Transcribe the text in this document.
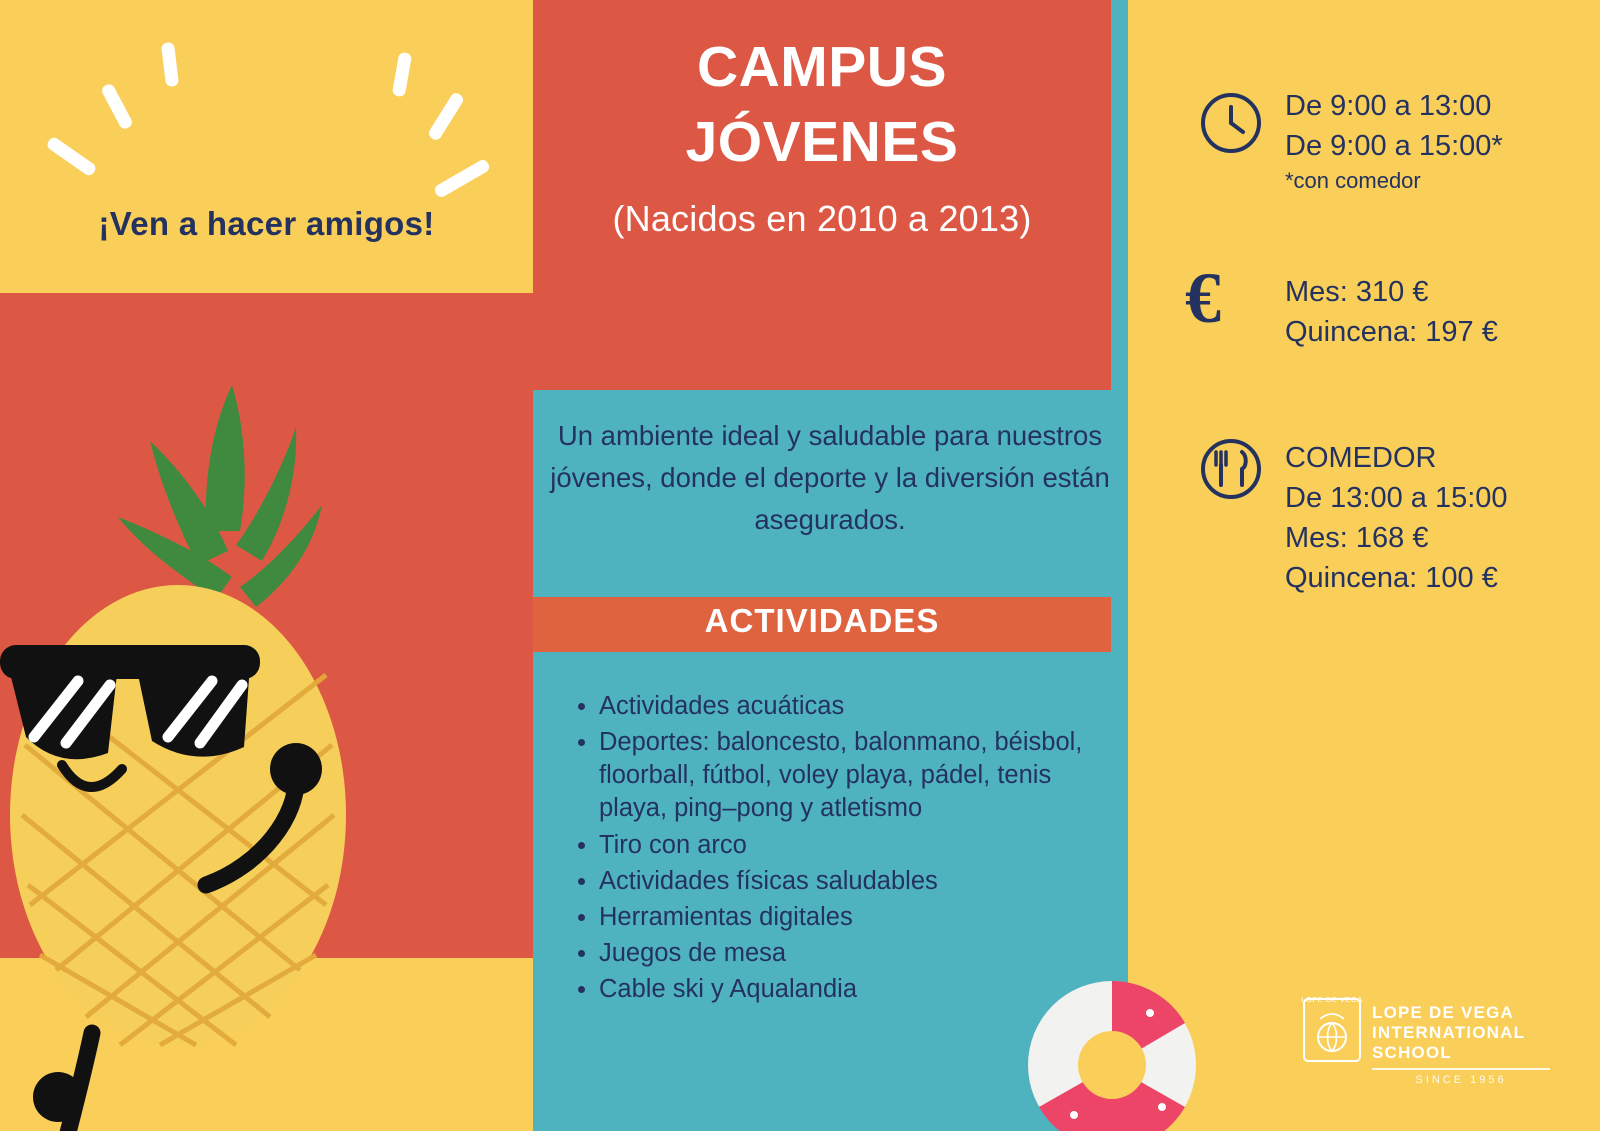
¡Ven a hacer amigos!
CAMPUS
JÓVENES
(Nacidos en 2010 a 2013)
Un ambiente ideal y saludable para nuestros jóvenes, donde el deporte y la diversión están asegurados.
ACTIVIDADES
Actividades acuáticas
Deportes: baloncesto, balonmano, béisbol, floorball, fútbol, voley playa, pádel, tenis playa, ping–pong y atletismo
Tiro con arco
Actividades físicas saludables
Herramientas digitales
Juegos de mesa
Cable ski y Aqualandia
De 9:00 a 13:00
De 9:00 a 15:00*
*con comedor
€ Mes: 310 €
Quincena: 197 €
COMEDOR
De 13:00 a 15:00
Mes: 168 €
Quincena: 100 €
LOPE DE VEGA
LOPE DE VEGA
INTERNATIONAL SCHOOL
SINCE 1956
